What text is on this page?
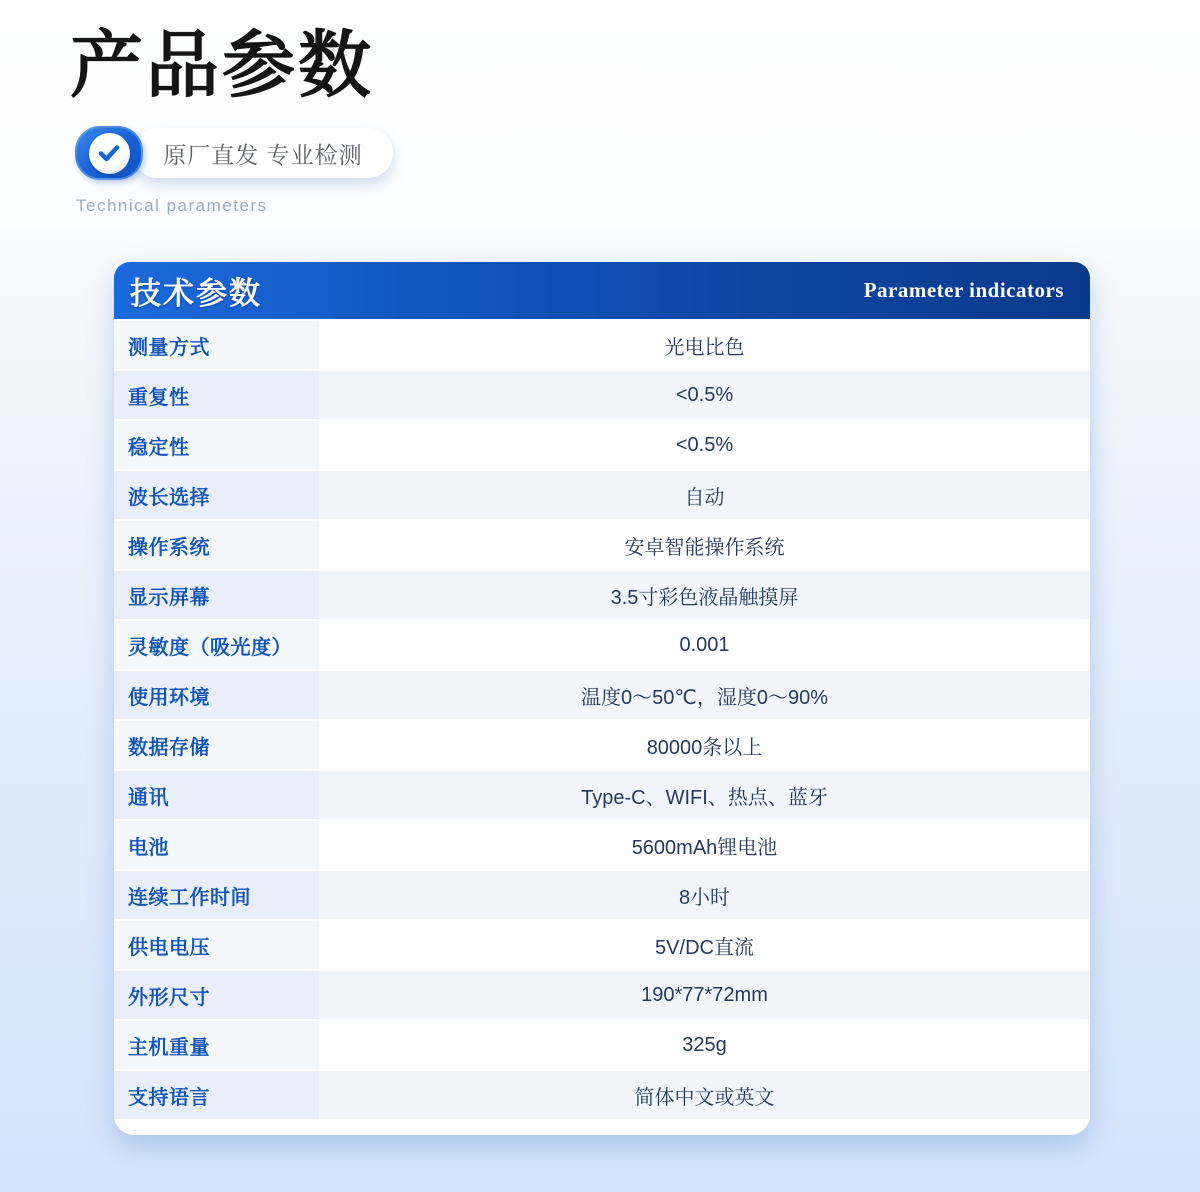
产品参数
原厂直发 专业检测
Technical parameters
技术参数	Parameter indicators
测量方式	光电比色
重复性	<0.5%
稳定性	<0.5%
波长选择	自动
操作系统	安卓智能操作系统
显示屏幕	3.5寸彩色液晶触摸屏
灵敏度（吸光度）	0.001
使用环境	温度0～50℃，湿度0～90%
数据存储	80000条以上
通讯	Type-C、WIFI、热点、蓝牙
电池	5600mAh锂电池
连续工作时间	8小时
供电电压	5V/DC直流
外形尺寸	190*77*72mm
主机重量	325g
支持语言	简体中文或英文
